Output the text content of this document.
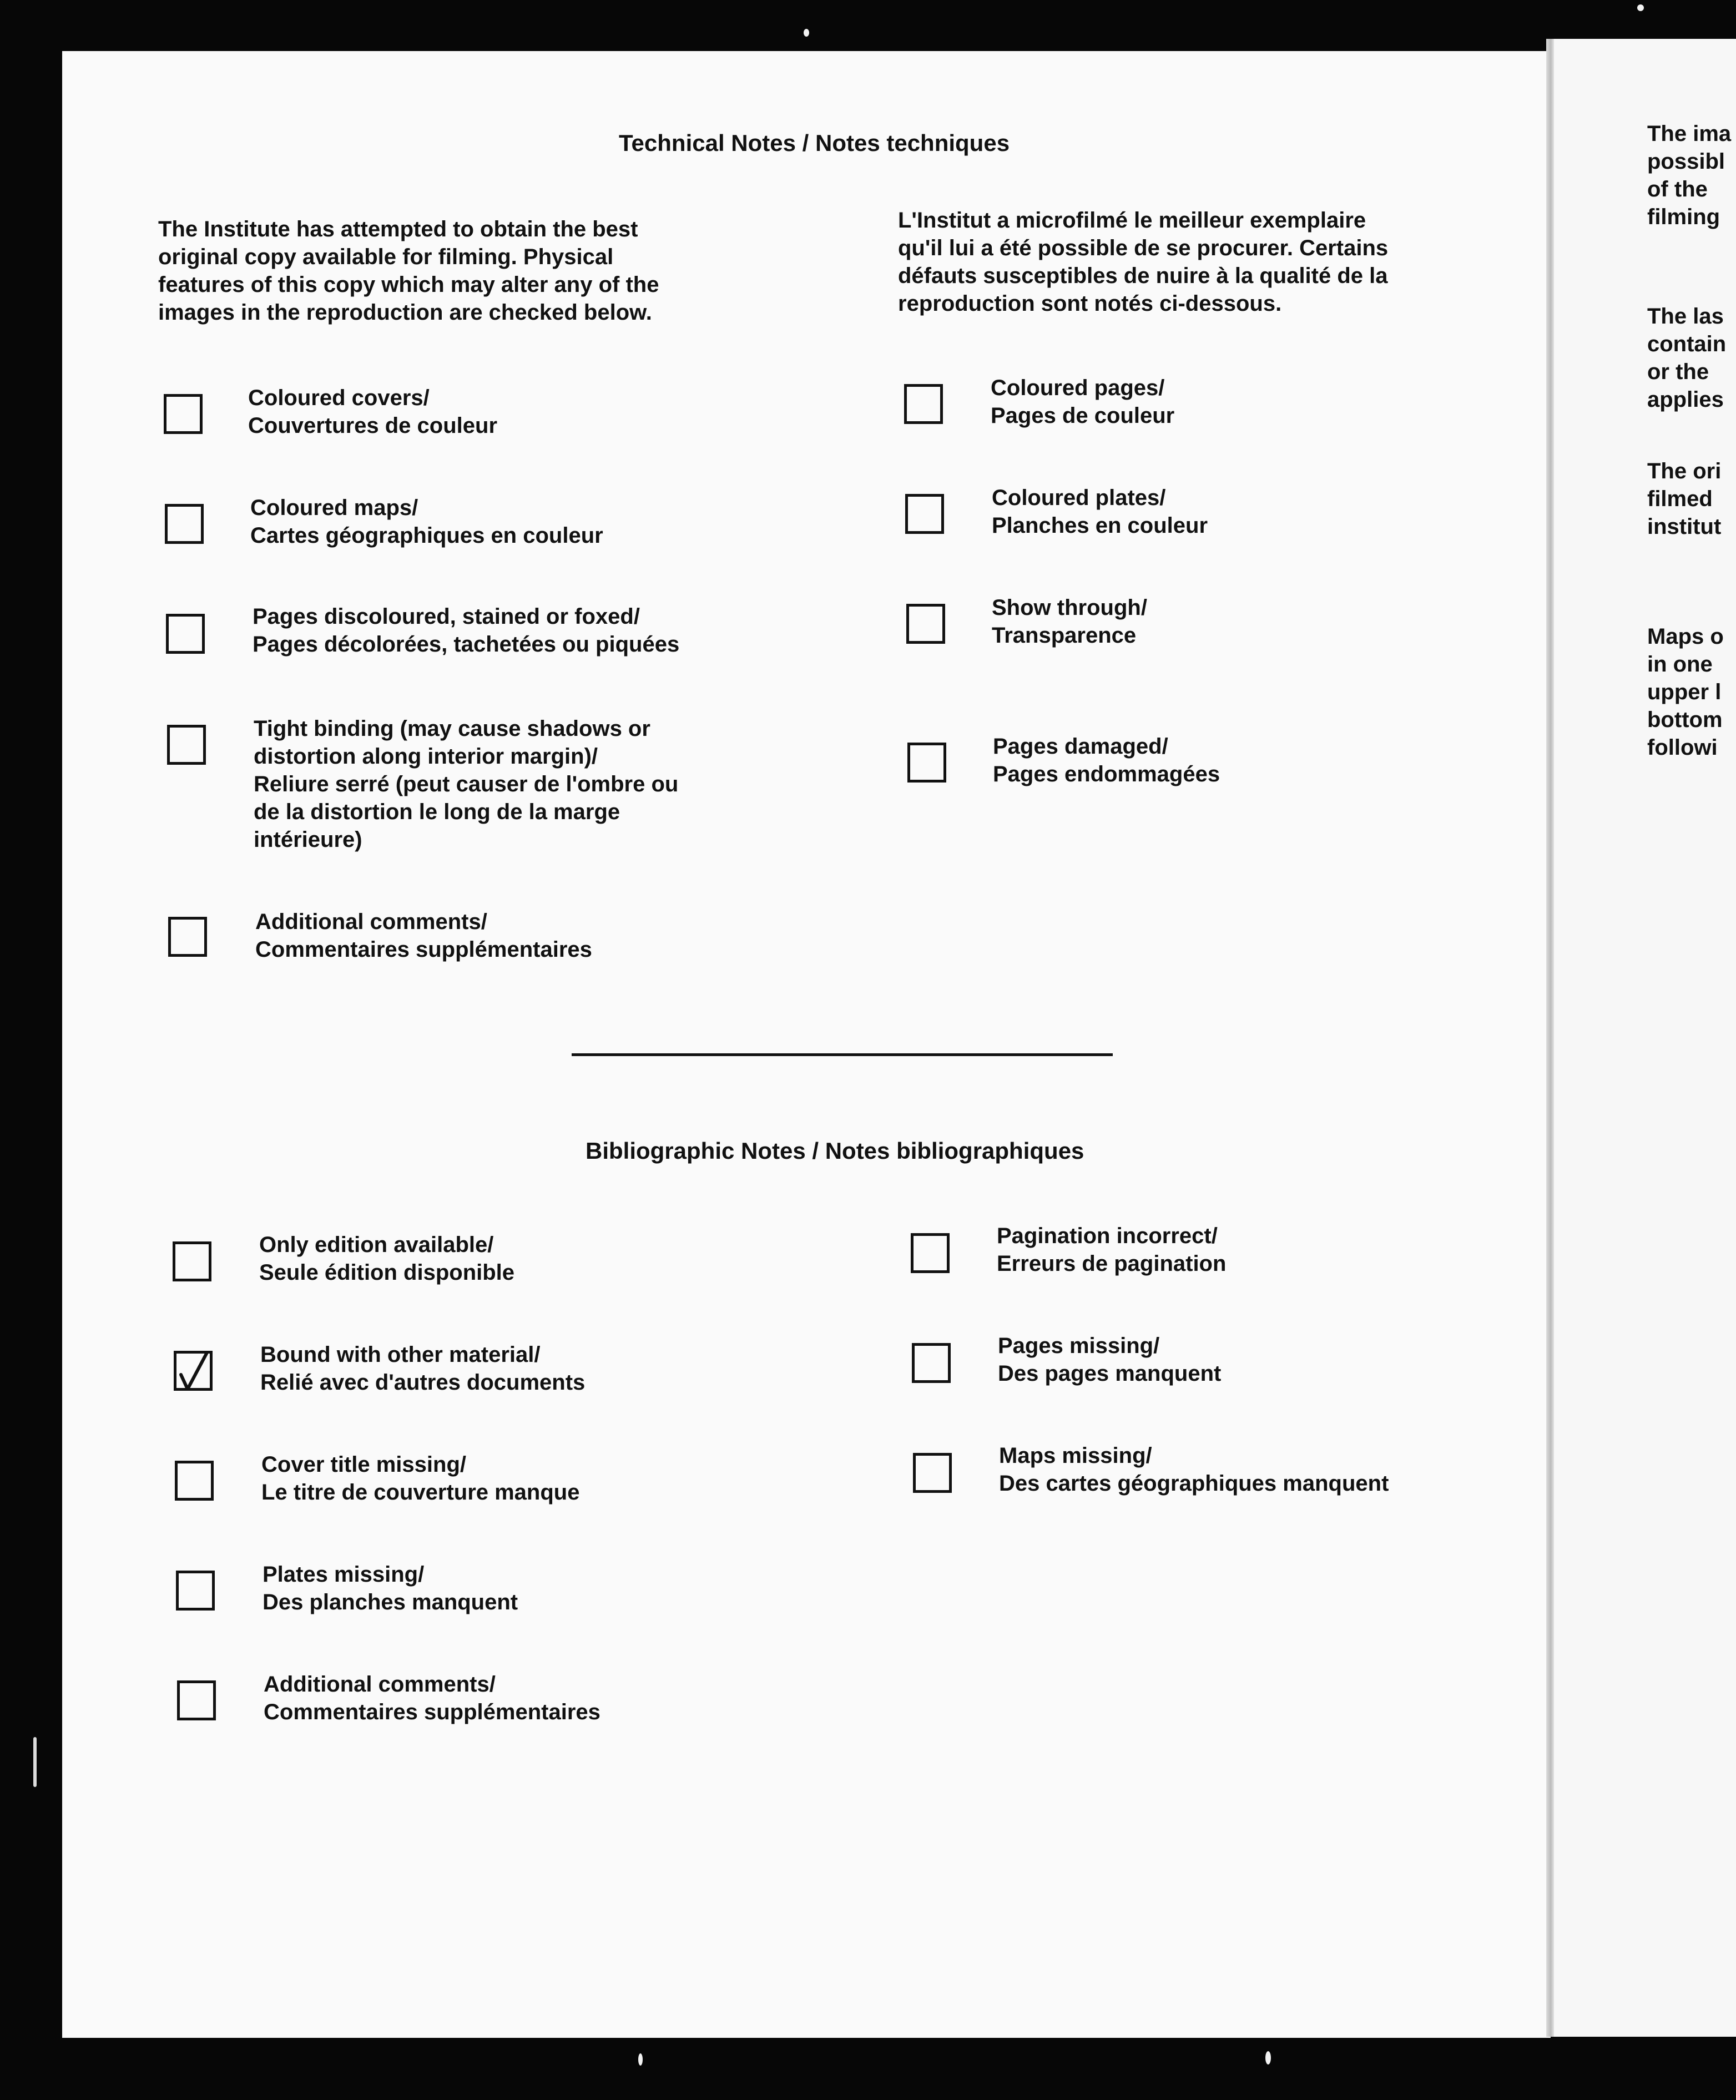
Technical Notes / Notes techniques
The Institute has attempted to obtain the best
original copy available for filming. Physical
features of this copy which may alter any of the
images in the reproduction are checked below.
L'Institut a microfilmé le meilleur exemplaire
qu'il lui a été possible de se procurer. Certains
défauts susceptibles de nuire à la qualité de la
reproduction sont notés ci-dessous.
Coloured covers/
Couvertures de couleur
Coloured maps/
Cartes géographiques en couleur
Pages discoloured, stained or foxed/
Pages décolorées, tachetées ou piquées
Tight binding (may cause shadows or
distortion along interior margin)/
Reliure serré (peut causer de l'ombre ou
de la distortion le long de la marge
intérieure)
Additional comments/
Commentaires supplémentaires
Coloured pages/
Pages de couleur
Coloured plates/
Planches en couleur
Show through/
Transparence
Pages damaged/
Pages endommagées
Bibliographic Notes / Notes bibliographiques
Only edition available/
Seule édition disponible
Bound with other material/
Relié avec d'autres documents
Cover title missing/
Le titre de couverture manque
Plates missing/
Des planches manquent
Additional comments/
Commentaires supplémentaires
Pagination incorrect/
Erreurs de pagination
Pages missing/
Des pages manquent
Maps missing/
Des cartes géographiques manquent
The ima
possibl
of the
filming
The las
contain
or the
applies
The ori
filmed
institut
Maps o
in one
upper l
bottom
followi
